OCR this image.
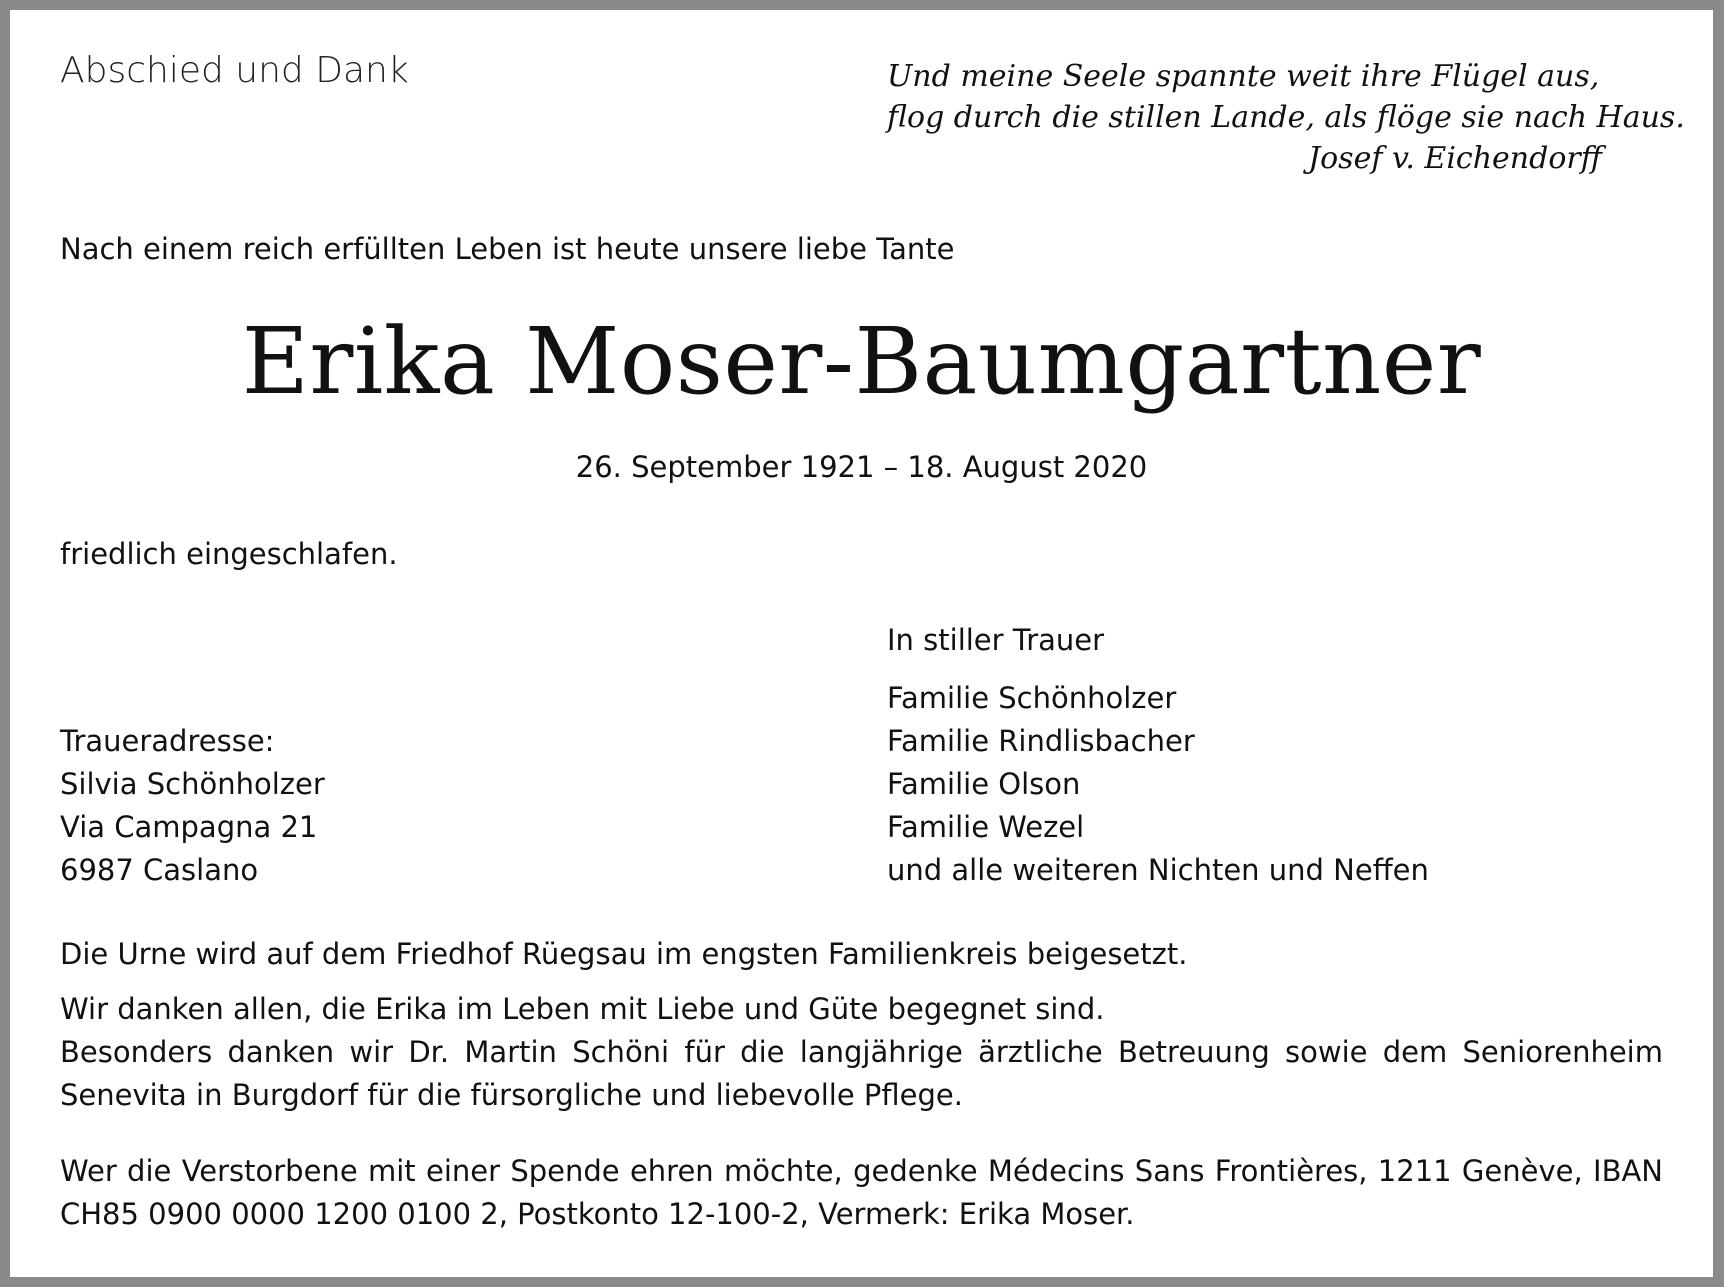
Abschied und Dank	Und meine Seele spannte weit ihre Flügel aus,
flog durch die stillen Lande, als flöge sie nach Haus.
Josef v. Eichendorff
Nach einem reich erfüllten Leben ist heute unsere liebe Tante
Erika Moser-Baumgartner
26. September 1921 – 18. August 2020
friedlich eingeschlafen.
In stiller Trauer
Familie Schönholzer
Familie Rindlisbacher
Familie Olson
Familie Wezel
und alle weiteren Nichten und Neffen
Traueradresse:
Silvia Schönholzer
Via Campagna 21
6987 Caslano
Die Urne wird auf dem Friedhof Rüegsau im engsten Familienkreis beigesetzt.
Wir danken allen, die Erika im Leben mit Liebe und Güte begegnet sind.
Besonders danken wir Dr. Martin Schöni für die langjährige ärztliche Betreuung sowie dem Seniorenheim Senevita in Burgdorf für die fürsorgliche und liebevolle Pflege.
Wer die Verstorbene mit einer Spende ehren möchte, gedenke Médecins Sans Frontières, 1211 Genève, IBAN CH85 0900 0000 1200 0100 2, Postkonto 12-100-2, Vermerk: Erika Moser.
